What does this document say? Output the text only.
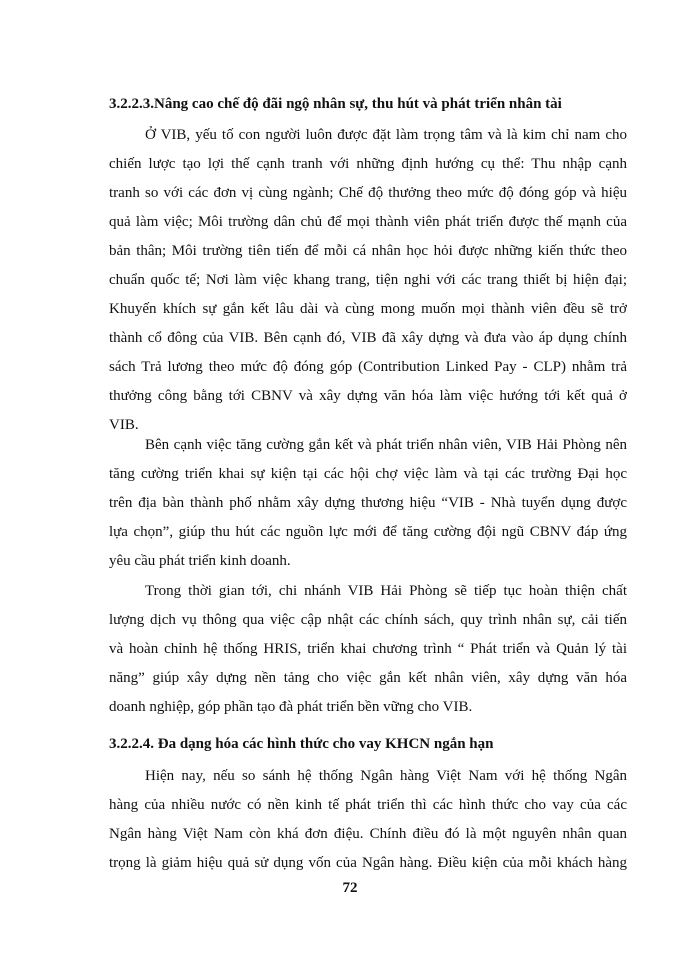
3.2.2.3.Nâng cao chế độ đãi ngộ nhân sự, thu hút và phát triển nhân tài
Ở VIB, yếu tố con người luôn được đặt làm trọng tâm và là kim chỉ nam cho
chiến lược tạo lợi thế cạnh tranh với những định hướng cụ thể: Thu nhập cạnh
tranh so với các đơn vị cùng ngành; Chế độ thưởng theo mức độ đóng góp và hiệu
quả làm việc; Môi trường dân chủ để mọi thành viên phát triển được thế mạnh của
bản thân; Môi trường tiên tiến để mỗi cá nhân học hỏi được những kiến thức theo
chuẩn quốc tế; Nơi làm việc khang trang, tiện nghi với các trang thiết bị hiện đại;
Khuyến khích sự gắn kết lâu dài và cùng mong muốn mọi thành viên đều sẽ trở
thành cổ đông của VIB. Bên cạnh đó, VIB đã xây dựng và đưa vào áp dụng chính
sách Trả lương theo mức độ đóng góp (Contribution Linked Pay - CLP) nhằm trả
thưởng công bằng tới CBNV và xây dựng văn hóa làm việc hướng tới kết quả ở
VIB.
Bên cạnh việc tăng cường gắn kết và phát triển nhân viên, VIB Hải Phòng nên
tăng cường triển khai sự kiện tại các hội chợ việc làm và tại các trường Đại học
trên địa bàn thành phố nhằm xây dựng thương hiệu “VIB - Nhà tuyển dụng được
lựa chọn”, giúp thu hút các nguồn lực mới để tăng cường đội ngũ CBNV đáp ứng
yêu cầu phát triển kinh doanh.
Trong thời gian tới, chi nhánh VIB Hải Phòng sẽ tiếp tục hoàn thiện chất
lượng dịch vụ thông qua việc cập nhật các chính sách, quy trình nhân sự, cải tiến
và hoàn chỉnh hệ thống HRIS, triển khai chương trình “ Phát triển và Quản lý tài
năng” giúp xây dựng nền tảng cho việc gắn kết nhân viên, xây dựng văn hóa
doanh nghiệp, góp phần tạo đà phát triển bền vững cho VIB.
3.2.2.4. Đa dạng hóa các hình thức cho vay KHCN ngắn hạn
Hiện nay, nếu so sánh hệ thống Ngân hàng Việt Nam với hệ thống Ngân
hàng của nhiều nước có nền kinh tế phát triển thì các hình thức cho vay của các
Ngân hàng Việt Nam còn khá đơn điệu. Chính điều đó là một nguyên nhân quan
trọng là giảm hiệu quả sử dụng vốn của Ngân hàng. Điều kiện của mỗi khách hàng
72
